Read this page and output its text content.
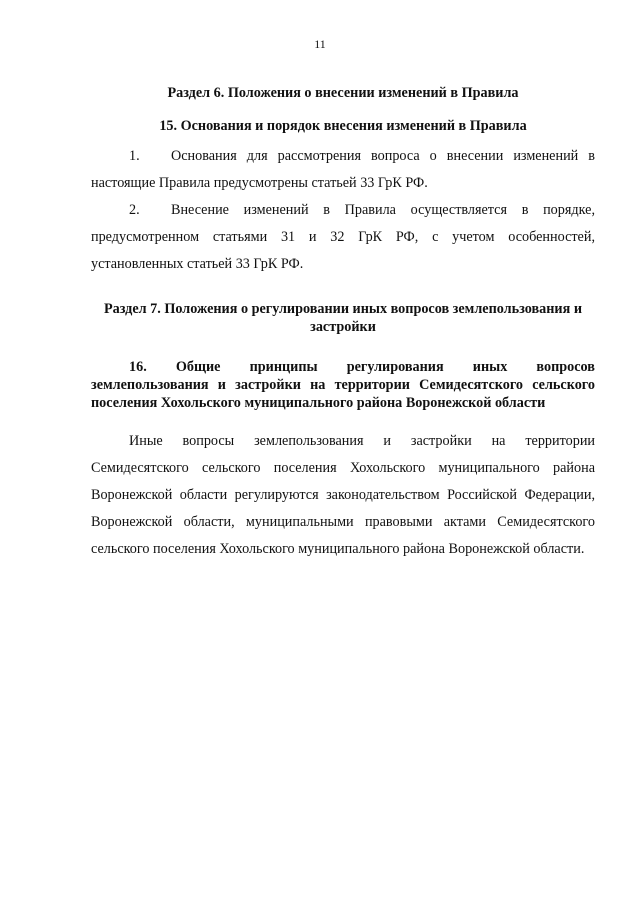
11

Раздел 6. Положения о внесении изменений в Правила

15. Основания и порядок внесения изменений в Правила

1. Основания для рассмотрения вопроса о внесении изменений в настоящие Правила предусмотрены статьей 33 ГрК РФ.

2. Внесение изменений в Правила осуществляется в порядке, предусмотренном статьями 31 и 32 ГрК РФ, с учетом особенностей, установленных статьей 33 ГрК РФ.

Раздел 7. Положения о регулировании иных вопросов землепользования и застройки

16. Общие принципы регулирования иных вопросов
землепользования и застройки на территории Семидесятского сельского поселения Хохольского муниципального района Воронежской области

Иные вопросы землепользования и застройки на территории Семидесятского сельского поселения Хохольского муниципального района Воронежской области регулируются законодательством Российской Федерации, Воронежской области, муниципальными правовыми актами Семидесятского сельского поселения Хохольского муниципального района Воронежской области.
